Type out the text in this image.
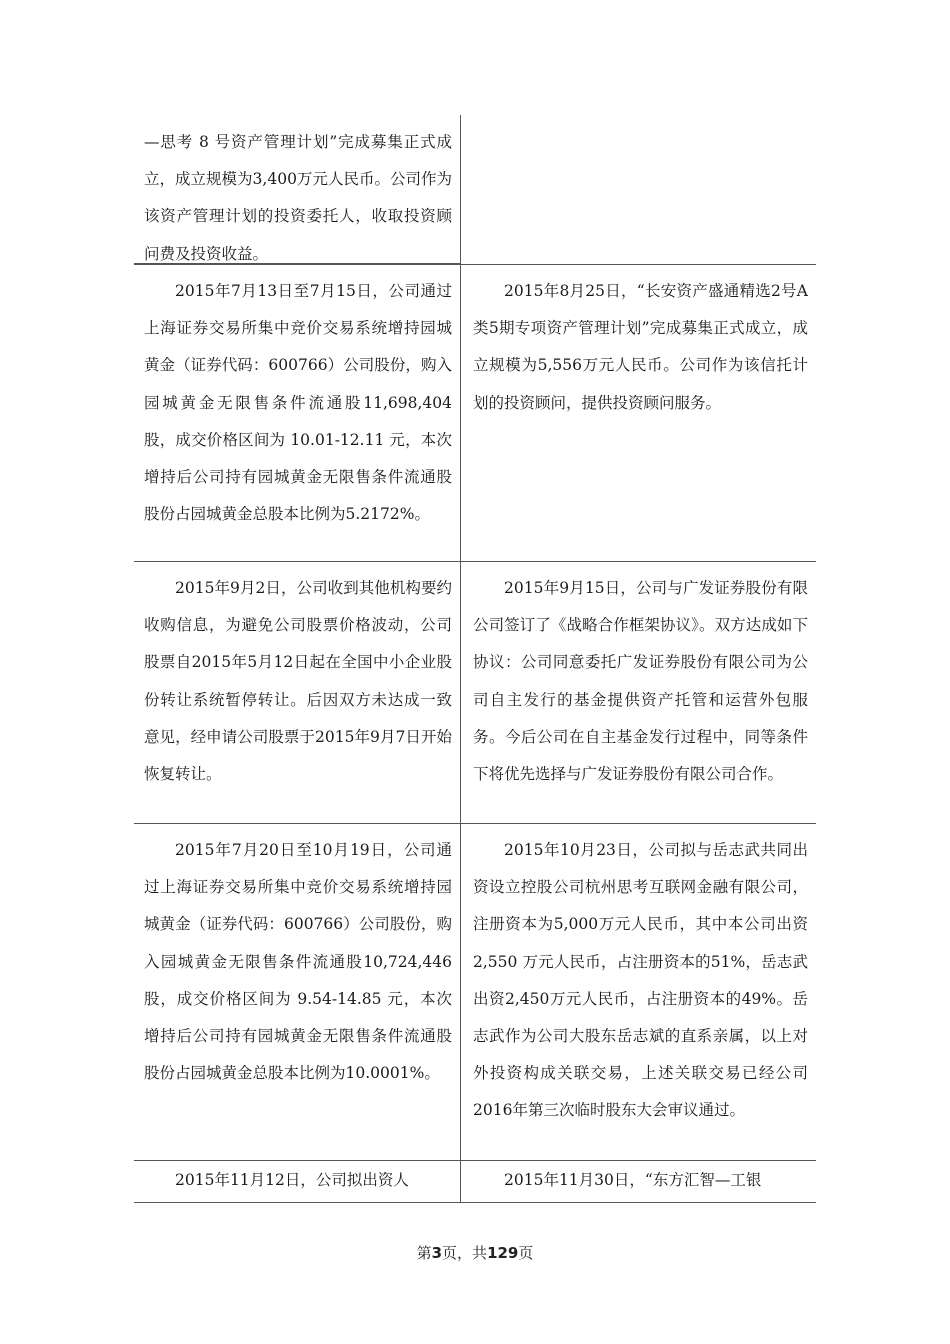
—思考 8 号资产管理计划”完成募集正式成立，成立规模为3,400万元人民币。公司作为该资产管理计划的投资委托人，收取投资顾问费及投资收益。
2015年7月13日至7月15日，公司通过上海证券交易所集中竞价交易系统增持园城黄金（证券代码：600766）公司股份，购入园城黄金无限售条件流通股11,698,404 股，成交价格区间为 10.01-12.11 元，本次增持后公司持有园城黄金无限售条件流通股股份占园城黄金总股本比例为5.2172%。
2015年8月25日，“长安资产盛通精选2号A类5期专项资产管理计划”完成募集正式成立，成立规模为5,556万元人民币。公司作为该信托计划的投资顾问，提供投资顾问服务。
2015年9月2日，公司收到其他机构要约收购信息，为避免公司股票价格波动，公司股票自2015年5月12日起在全国中小企业股份转让系统暂停转让。后因双方未达成一致意见，经申请公司股票于2015年9月7日开始恢复转让。
2015年9月15日，公司与广发证券股份有限公司签订了《战略合作框架协议》。双方达成如下协议：公司同意委托广发证券股份有限公司为公司自主发行的基金提供资产托管和运营外包服务。今后公司在自主基金发行过程中，同等条件下将优先选择与广发证券股份有限公司合作。
2015年7月20日至10月19日，公司通过上海证券交易所集中竞价交易系统增持园城黄金（证券代码：600766）公司股份，购入园城黄金无限售条件流通股10,724,446 股，成交价格区间为 9.54-14.85 元，本次增持后公司持有园城黄金无限售条件流通股股份占园城黄金总股本比例为10.0001%。
2015年10月23日，公司拟与岳志武共同出资设立控股公司杭州思考互联网金融有限公司，注册资本为5,000万元人民币，其中本公司出资 2,550 万元人民币，占注册资本的51%，岳志武出资2,450万元人民币，占注册资本的49%。岳志武作为公司大股东岳志斌的直系亲属，以上对外投资构成关联交易，上述关联交易已经公司2016年第三次临时股东大会审议通过。
2015年11月12日，公司拟出资人	2015年11月30日，“东方汇智—工银
第3页，共129页
